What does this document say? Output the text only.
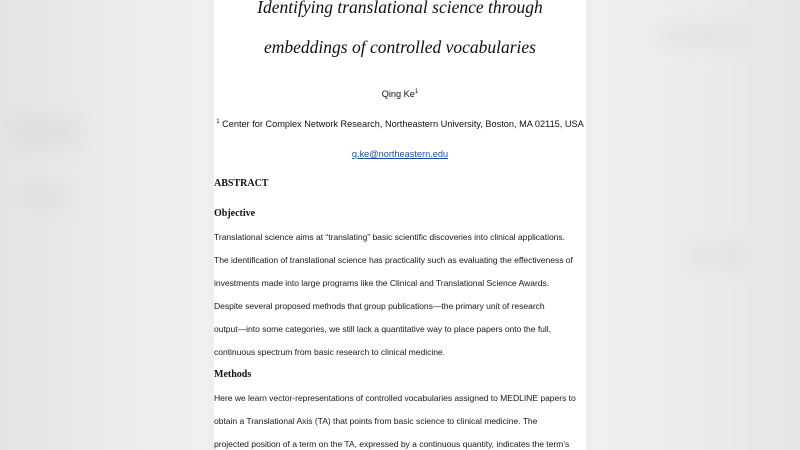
Identifying translational science through
embeddings of controlled vocabularies
Qing Ke$^1$
$^1$ Center for Complex Network Research, Northeastern University, Boston, MA 02115, USA
q.ke@northeastern.edu
ABSTRACT
Objective
Translational science aims at “translating” basic scientific discoveries into clinical applications.
The identification of translational science has practicality such as evaluating the effectiveness of
investments made into large programs like the Clinical and Translational Science Awards.
Despite several proposed methods that group publications—the primary unit of research
output—into some categories, we still lack a quantitative way to place papers onto the full,
continuous spectrum from basic research to clinical medicine.
Methods
Here we learn vector-representations of controlled vocabularies assigned to MEDLINE papers to
obtain a Translational Axis (TA) that points from basic science to clinical medicine. The
projected position of a term on the TA, expressed by a continuous quantity, indicates the term’s
